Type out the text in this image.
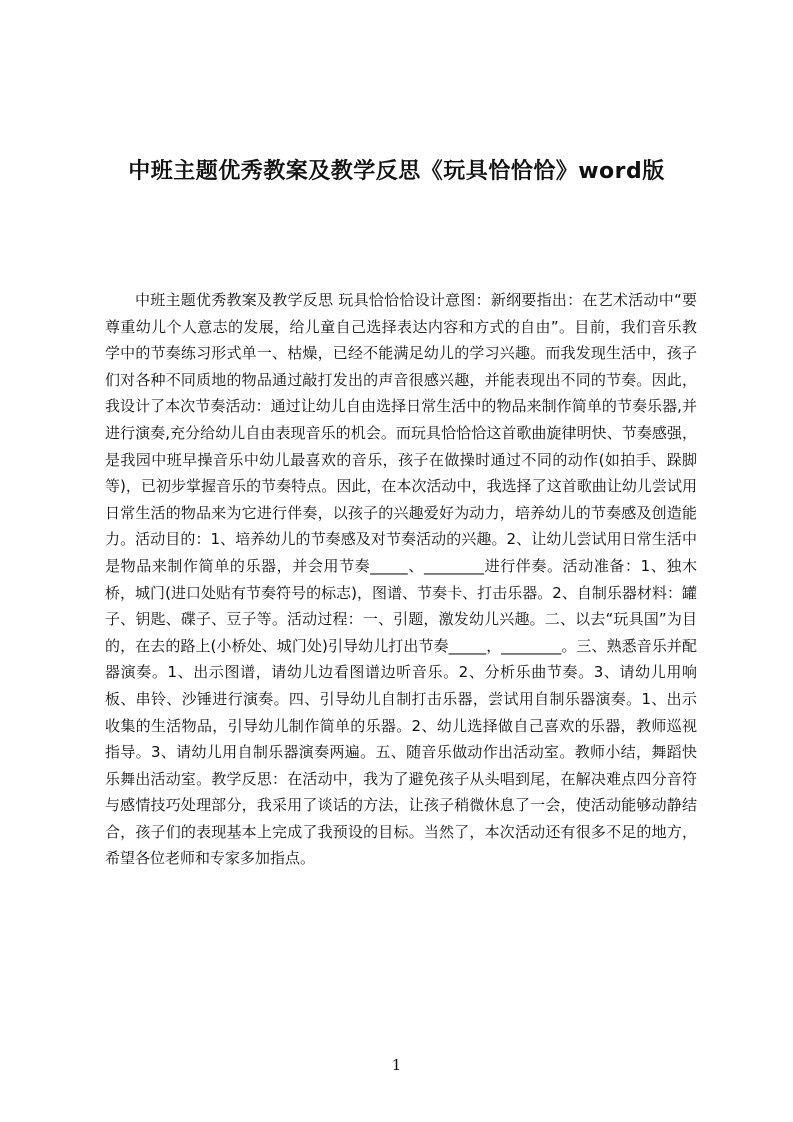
中班主题优秀教案及教学反思《玩具恰恰恰》word版

中班主题优秀教案及教学反思 玩具恰恰恰设计意图：新纲要指出：在艺术活动中“要尊重幼儿个人意志的发展，给儿童自己选择表达内容和方式的自由”。目前，我们音乐教学中的节奏练习形式单一、枯燥，已经不能满足幼儿的学习兴趣。而我发现生活中，孩子们对各种不同质地的物品通过敲打发出的声音很感兴趣，并能表现出不同的节奏。因此，我设计了本次节奏活动：通过让幼儿自由选择日常生活中的物品来制作简单的节奏乐器,并进行演奏,充分给幼儿自由表现音乐的机会。而玩具恰恰恰这首歌曲旋律明快、节奏感强，是我园中班早操音乐中幼儿最喜欢的音乐，孩子在做操时通过不同的动作(如拍手、跺脚等)，已初步掌握音乐的节奏特点。因此，在本次活动中，我选择了这首歌曲让幼儿尝试用日常生活的物品来为它进行伴奏，以孩子的兴趣爱好为动力，培养幼儿的节奏感及创造能力。活动目的：1、培养幼儿的节奏感及对节奏活动的兴趣。2、让幼儿尝试用日常生活中是物品来制作简单的乐器，并会用节奏_____、________进行伴奏。活动准备：1、独木桥，城门(进口处贴有节奏符号的标志)，图谱、节奏卡、打击乐器。2、自制乐器材料：罐子、钥匙、碟子、豆子等。活动过程：一、引题，激发幼儿兴趣。二、以去“玩具国”为目的，在去的路上(小桥处、城门处)引导幼儿打出节奏_____，________。三、熟悉音乐并配器演奏。1、出示图谱，请幼儿边看图谱边听音乐。2、分析乐曲节奏。3、请幼儿用响板、串铃、沙锤进行演奏。四、引导幼儿自制打击乐器，尝试用自制乐器演奏。1、出示收集的生活物品，引导幼儿制作简单的乐器。2、幼儿选择做自己喜欢的乐器，教师巡视指导。3、请幼儿用自制乐器演奏两遍。五、随音乐做动作出活动室。教师小结，舞蹈快乐舞出活动室。教学反思：在活动中，我为了避免孩子从头唱到尾，在解决难点四分音符与感情技巧处理部分，我采用了谈话的方法，让孩子稍微休息了一会，使活动能够动静结合，孩子们的表现基本上完成了我预设的目标。当然了，本次活动还有很多不足的地方，希望各位老师和专家多加指点。

1
